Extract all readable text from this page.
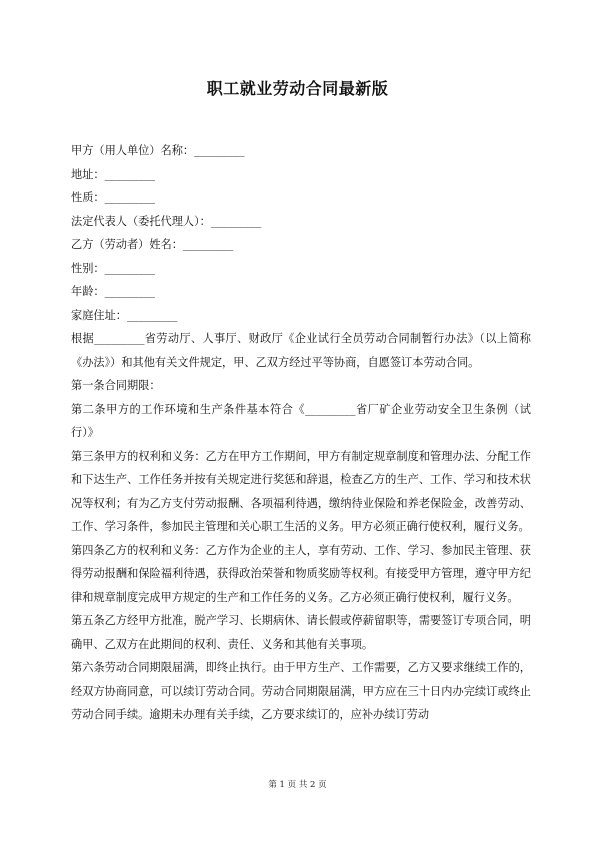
职工就业劳动合同最新版
甲方（用人单位）名称：_________
地址：_________
性质：_________
法定代表人（委托代理人）：_________
乙方（劳动者）姓名：_________
性别：_________
年龄：_________
家庭住址：_________
根据_________省劳动厅、人事厅、财政厅《企业试行全员劳动合同制暂行办法》（以上简称《办法》）和其他有关文件规定，甲、乙双方经过平等协商，自愿签订本劳动合同。
第一条合同期限：
第二条甲方的工作环境和生产条件基本符合《_________省厂矿企业劳动安全卫生条例（试行）》
第三条甲方的权利和义务：乙方在甲方工作期间，甲方有制定规章制度和管理办法、分配工作和下达生产、工作任务并按有关规定进行奖惩和辞退，检查乙方的生产、工作、学习和技术状况等权利；有为乙方支付劳动报酬、各项福利待遇，缴纳待业保险和养老保险金，改善劳动、工作、学习条件，参加民主管理和关心职工生活的义务。甲方必须正确行使权利，履行义务。
第四条乙方的权利和义务：乙方作为企业的主人，享有劳动、工作、学习、参加民主管理、获得劳动报酬和保险福利待遇，获得政治荣誉和物质奖励等权利。有接受甲方管理，遵守甲方纪律和规章制度完成甲方规定的生产和工作任务的义务。乙方必须正确行使权利，履行义务。
第五条乙方经甲方批准，脱产学习、长期病休、请长假或停薪留职等，需要签订专项合同，明确甲、乙双方在此期间的权利、责任、义务和其他有关事项。
第六条劳动合同期限届满，即终止执行。由于甲方生产、工作需要，乙方又要求继续工作的，经双方协商同意，可以续订劳动合同。劳动合同期限届满，甲方应在三十日内办完续订或终止劳动合同手续。逾期未办理有关手续，乙方要求续订的，应补办续订劳动
第 1 页 共 2 页
